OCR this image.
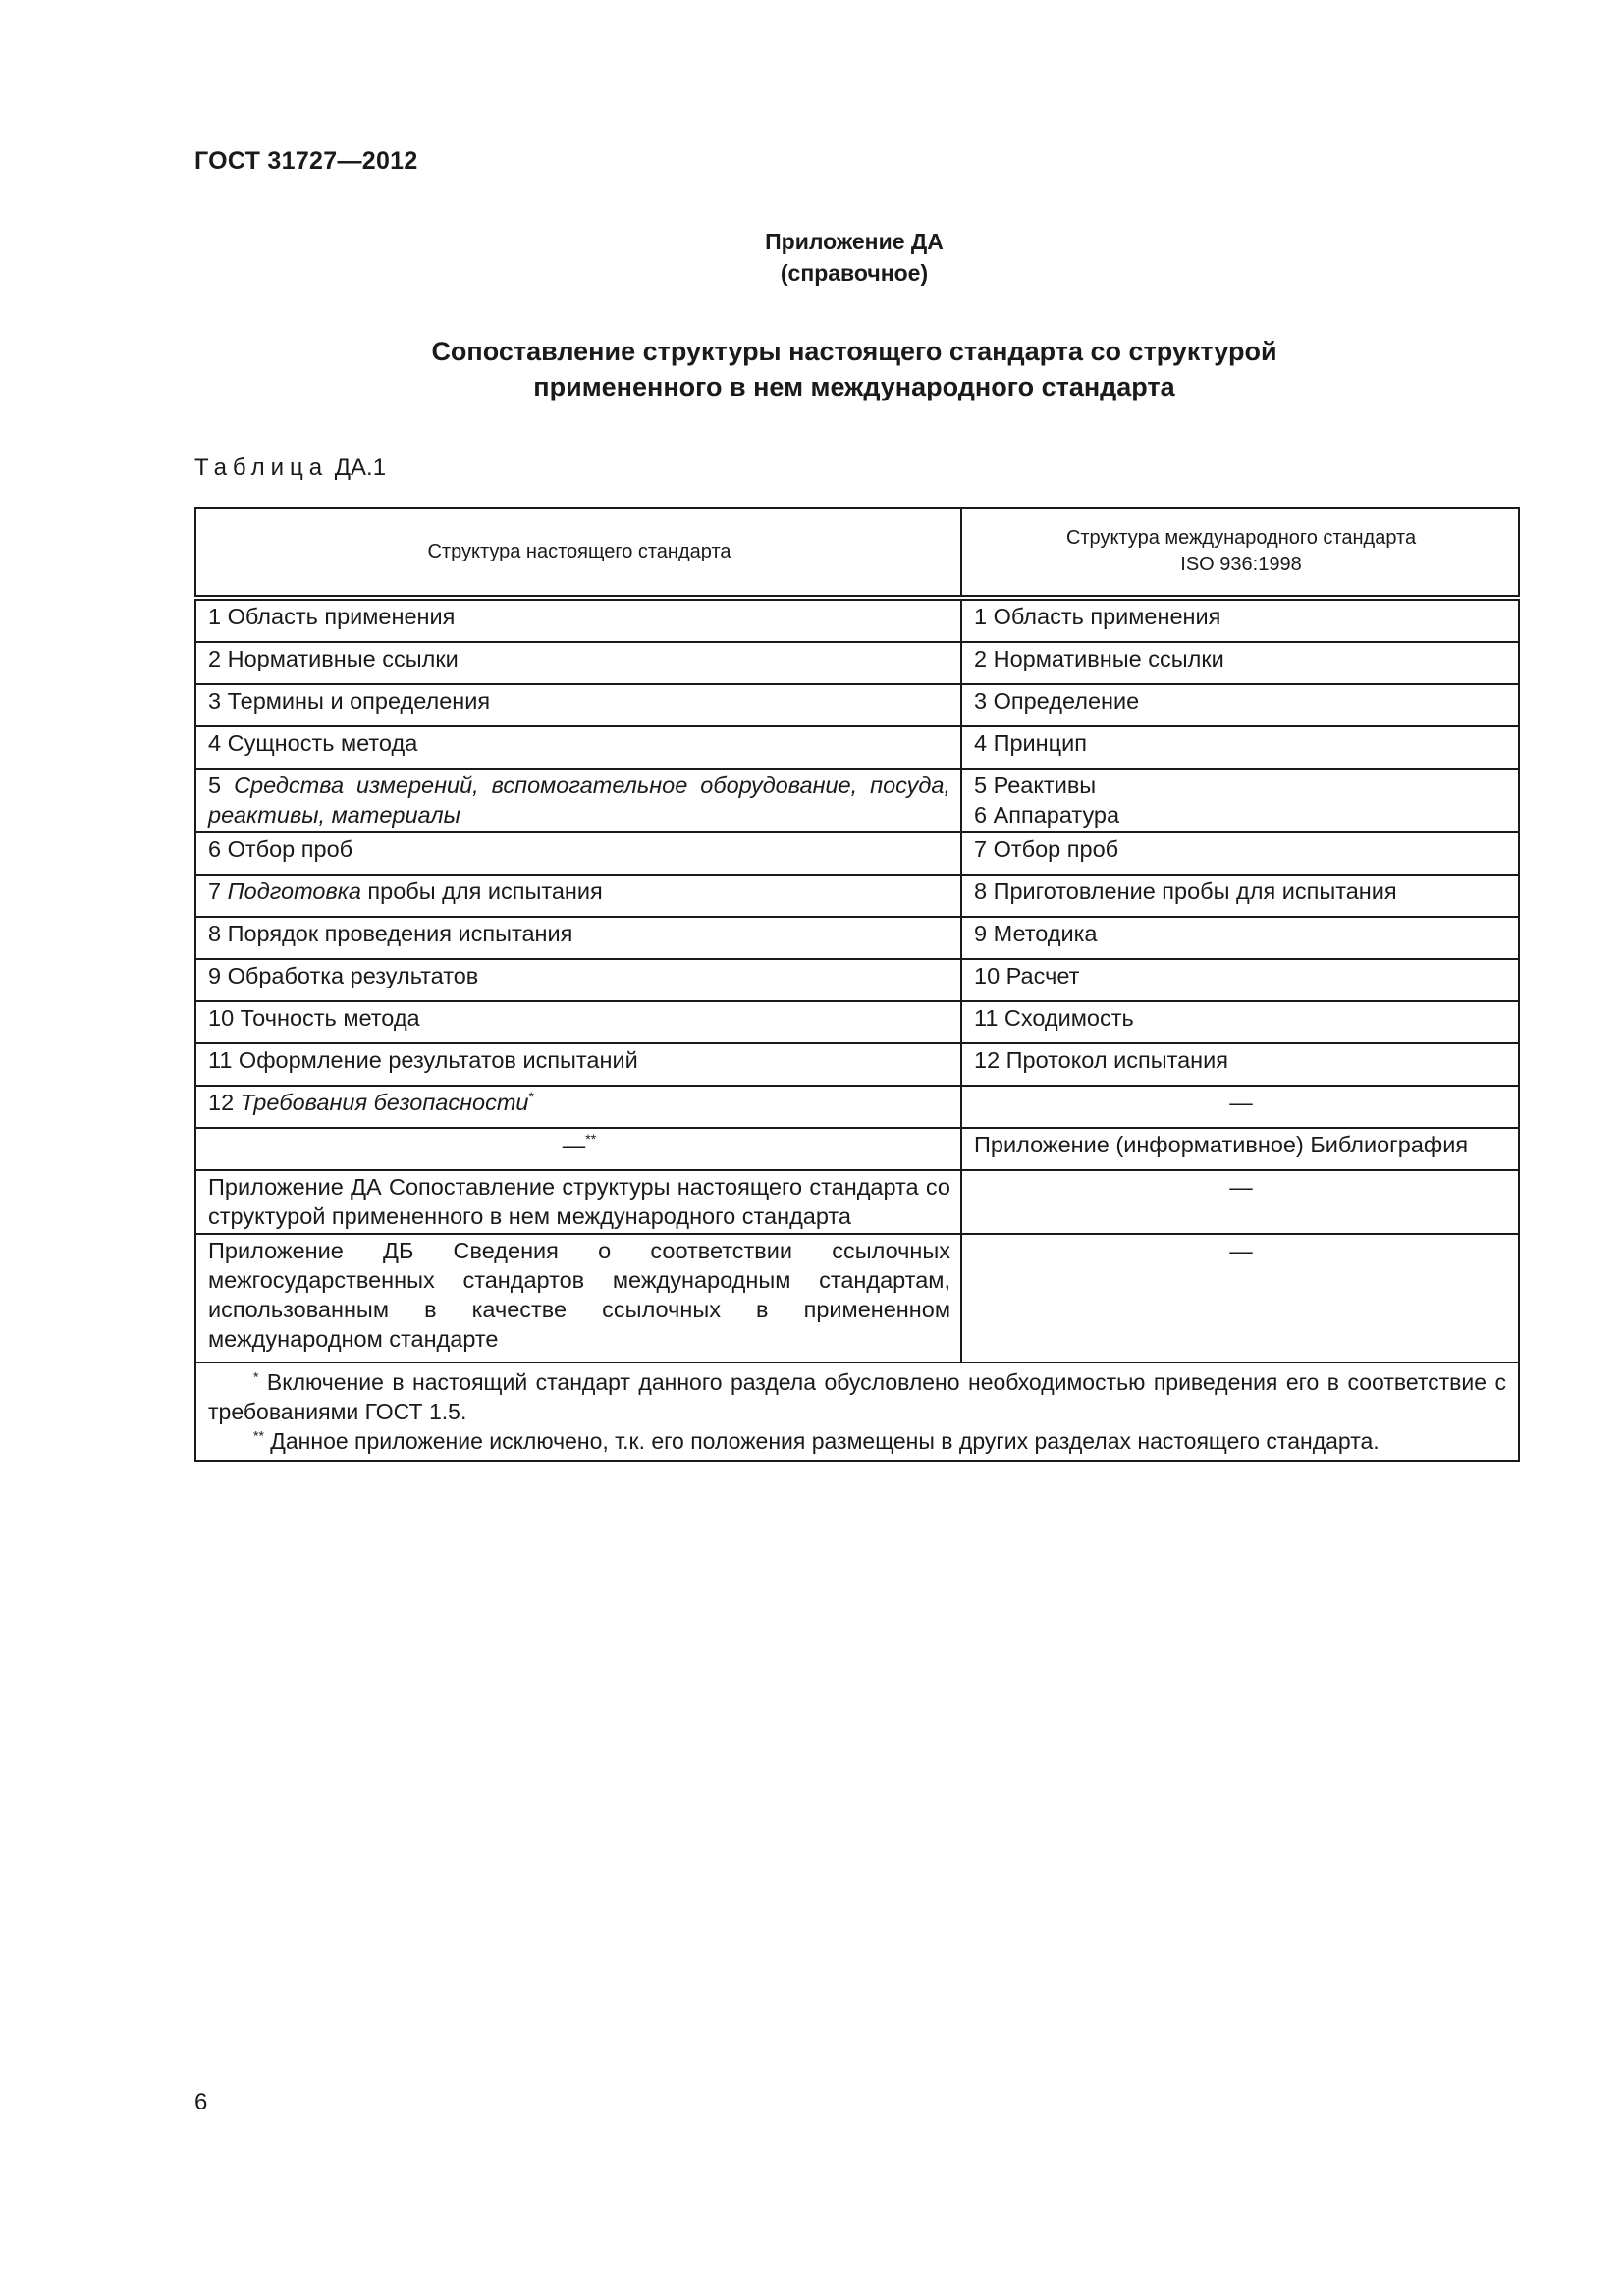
ГОСТ 31727—2012
Приложение ДА
(справочное)
Сопоставление структуры настоящего стандарта со структурой
примененного в нем международного стандарта
Таблица ДА.1
Структура настоящего стандарта	Структура международного стандарта
ISO 936:1998

1 Область применения	1 Область применения
2 Нормативные ссылки	2 Нормативные ссылки
3 Термины и определения	3 Определение
4 Сущность метода	4 Принцип
5 Средства измерений, вспомогательное оборудование, посуда, реактивы, материалы	5 Реактивы
6 Аппаратура

6 Отбор проб	7 Отбор проб
7 Подготовка пробы для испытания	8 Приготовление пробы для испытания
8 Порядок проведения испытания	9 Методика
9 Обработка результатов	10 Расчет
10 Точность метода	11 Сходимость
11 Оформление результатов испытаний	12 Протокол испытания
12 Требования безопасности*	—
—**	Приложение (информативное) Библиография
Приложение ДА Сопоставление структуры настоящего стандарта со структурой примененного в нем международного стандарта	—
Приложение ДБ Сведения о соответствии ссылочных межгосударственных стандартов международным стандартам, использованным в качестве ссылочных в примененном международном стандарте	—

* Включение в настоящий стандарт данного раздела обусловлено необходимостью приведения его в соответствие с требованиями ГОСТ 1.5.
** Данное приложение исключено, т.к. его положения размещены в других разделах настоящего стандарта.	
6
